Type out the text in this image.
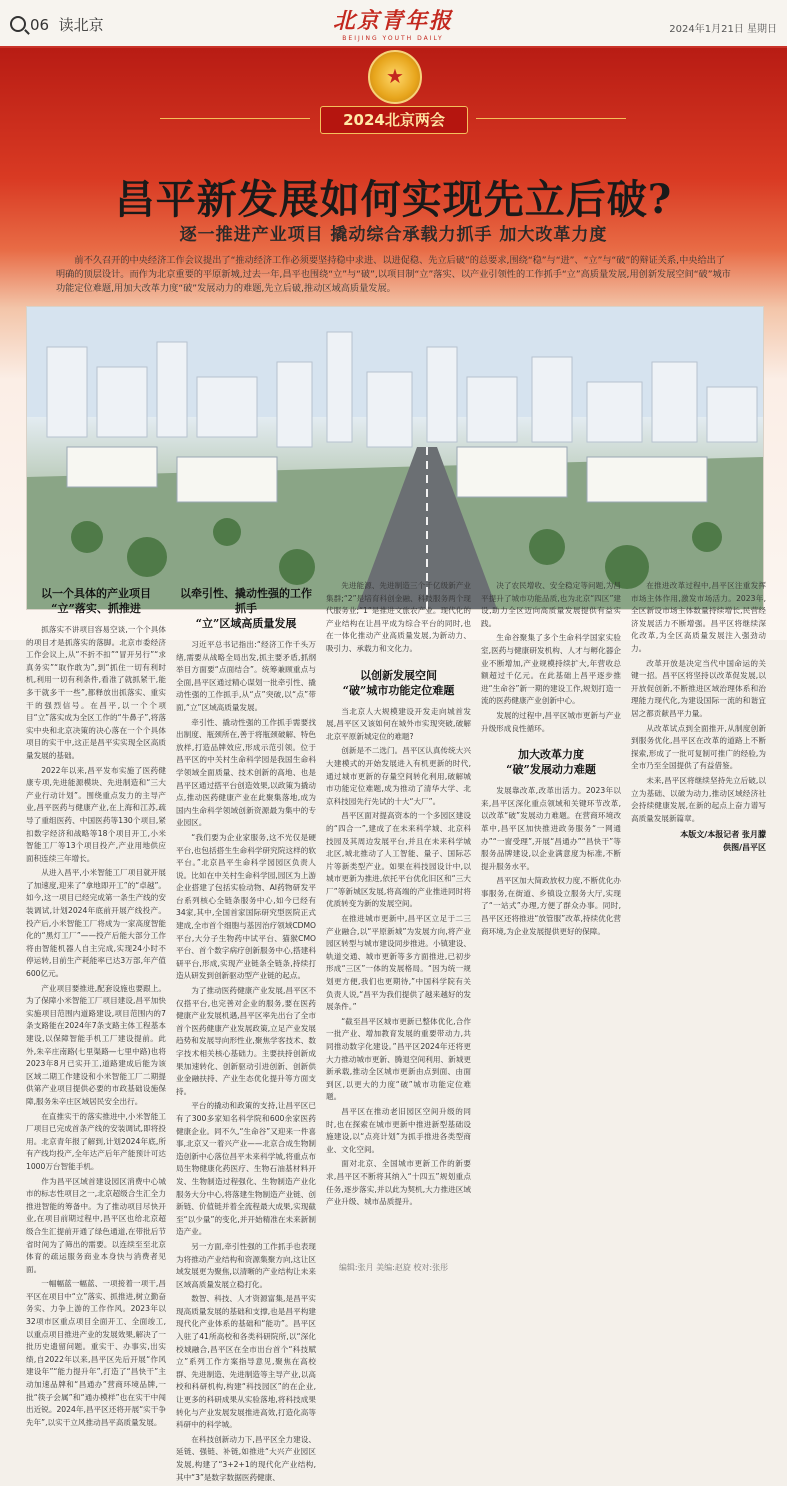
06 读北京	北京青年报
BEIJING YOUTH DAILY
2024年1月21日 星期日
★
2024北京两会
昌平新发展如何实现先立后破?
逐一推进产业项目 撬动综合承载力抓手 加大改革力度
前不久召开的中央经济工作会议提出了“推动经济工作必须要坚持稳中求进、以进促稳、先立后破”的总要求,围绕“稳”与“进”、“立”与“破”的辩证关系,中央给出了明确的顶层设计。而作为北京重要的平原新城,过去一年,昌平也围绕“立”与“破”,以项目制“立”落实、以产业引领性的工作抓手“立”高质量发展,用创新发展空间“破”城市功能定位难题,用加大改革力度“破”发展动力的难题,先立后破,推动区域高质量发展。
以一个具体的产业项目
“立”落实、抓推进

抓落实不讲项目容易空谈,一个个具体的项目才是抓落实的落脚。北京市委经济工作会议上,从“不折不扣”“冒开另行”“求真务实”“取作敢为”,到“抓住一切有利时机,利用一切有利条件,看准了就抓紧干,能多干就多干一些”,都释放出抓落实、重实干的强烈信号。在昌平,以一个个项目“立”落实成为全区工作的“牛鼻子”,将落实中央和北京决策的决心落在一个个具体项目的实干中,这正是昌平实实现全区高质量发展的基础。

2022年以来,昌平发布实施了医药健康专项,先进能源模块、先进制造和“三大产业行动计划”。围绕重点发力的主导产业,昌平医药与健康产业,在上海和江苏,疏导了重组医药、中国医药等130个项目,紧扣数字经济和战略等18个项目开工,小米智能工厂等13个项目投产,产业用地供应面积连续三年增长。

从进入昌平,小米智能工厂项目就开展了加速度,迎来了“拿地即开工”的“卓越”。如今,这一项目已经完成第一条生产线的安装调试,计划2024年底前开展产线投产。投产后,小米智能工厂将成为一家高度智能化的“黑灯工厂”——投产后能大部分工作将由智能机器人自主完成,实现24小时不停运转,目前生产耗能率已达3万部,年产值600亿元。

产业项目要推进,配套设施也要跟上。为了保障小米智能工厂项目建设,昌平加快实施项目范围内道路建设,项目范围内的7条支路能在2024年7条支路主体工程基本建设,以保障智能手机工厂建设提前。此外,朱辛庄南路(七里渠路—七里中路)也将2023年8月已实开工,道路建成后能为该区域二期工作建设和小米智能工厂二期提供第产业项目提供必要的市政基础设施保障,服务朱辛庄区域居民安全出行。

在直推实干的落实推进中,小米智能工厂项目已完成首条产线的安装调试,即将投用。北京青年报了解到,计划2024年底,所有产线均投产,全年达产后年产能预计可达1000万台智能手机。

作为昌平区域首建设园区消费中心城市的标志性项目之一,北京超级合生汇全力推进智能的筹备中。为了推动项目尽快开业,在项目前期过程中,昌平区也给北京超级合生汇提前开通了绿色通道,在带批后节省时间为了筛出的需要。以连续至至北京体育的疏运服务商业本身快与消费者见面。

一幅幅蓝一幅蓝、一项接着一项干,昌平区在项目中“立”落实、抓推进,树立勤奋务实、力争上游的工作作风。2023年以32项市区重点项目全面开工、全面竣工,以重点项目推进产业的发展效果,解决了一批历史遗留问题。重实干、办事实,出实绩,自2022年以来,昌平区先后开展“作风建设年”“能力提升年”,打造了“昌快干”主动加速品牌和“昌通办”营商环境品牌,一批“筷子会属”和“通办模样”也在实干中闯出近锐。2024年,昌平区还将开展“实干争先年”,以实干立风推动昌平高质量发展。

以牵引性、撬动性强的工作抓手
“立”区域高质量发展

习近平总书记指出:“经济工作千头万绪,需要从战略全局出发,抓主要矛盾,抓纲举目方面要“点面结合”。统筹兼顾重点与全面,昌平区通过精心谋划一批牵引性、撬动性强的工作抓手,从“点”突破,以“点”带面,“立”区域高质量发展。

牵引性、撬动性强的工作抓手需要找出制度、瓶颈所在,善于将瓶颈破解、特色放样,打造品牌效应,形成示范引领。位于昌平区的中关村生命科学园是我国生命科学领域全面质量、技术创新的高地、也是昌平区通过搭平台创造效果,以政策为撬动点,推动医药健康产业在此聚集落地,成为国内生命科学领域创新资源最为集中的专业园区。

“我们要为企业家服务,这不光仅是硬平台,也包括搭生生命科学研究院这样的软平台。”北京昌平生命科学园园区负责人说。比如在中关村生命科学园,园区为上游企业搭建了包括实验动物、AI药物研发平台系列核心全链条服务中心,如今已经有34家,其中,全国首家国际研究型医院正式建成,全市首个细胞与基因治疗领域CDMO平台,大分子生物药中试平台、猫猴CMO平台、首个数字病疗创新服务中心,搭建科研平台,形成,实现产业链条全链条,持续打造从研发到创新驱动型产业链的起点。

为了推动医药健康产业发展,昌平区不仅搭平台,也完善对企业的服务,要在医药健康产业发展机遇,昌平区率先出台了全市首个医药健康产业发展政策,立足产业发展趋势和发展导向形性业,聚焦学客技术、数字技术相关核心基础力。主要扶持创新成果加速转化、创新驱动引进创新、创新供业金融扶持、产业生态优化提升等方面支持。

平台的撬动和政策的支持,让昌平区已有了300多家知名科学院和600余家医药健康企业。同不久,“生命谷”又迎来一件喜事,北京又一着兴产业——北京合成生物制造创新中心落位昌平未来科学城,将重点布局生物健康化药医疗、生物石油基材料开发、生物制造过程强化、生物制造产业化服务大分中心,将落建生物制造产业链、创新链、价值链并着全流程最大成果,实现截至“以少量”的变化,并开始精准在未来新制造产业。

另一方面,牵引性强的工作抓手也表现为将推动产业结构和资源集聚方向,这让区域发展更为聚焦,以清晰的产业结构让未来区域高质量发展立稳打化。

数智、科技、人才资源富集,是昌平实现高质量发展的基础和支撑,也是昌平构建现代化产业体系的基础和“能功”。昌平区入驻了41所高校和各类科研院所,以“深化校城融合,昌平区在全市出台首个“科技赋立”系列工作方案指导意见,聚焦在高校群、先进制造、先进制造等主导产业,以高校和科研机构,构建“科技园区”的在企业,让更多的科研成果从实验落地,将科技成果转化与产业发展发展推进高效,打造化高等科研中的科学城。

在科技创新动力下,昌平区全力建设、延链、强链、补链,如推进“大兴产业园区发展,构建了“3+2+1的现代化产业结构,其中“3”是数字数据医药健康、

先进能源、先进制造三个千亿级新产业集群;“2”是培育科创金融、科技服务两个现代服务业;“1”是推进文旅农产业。现代化的产业结构在让昌平成为综合平台的同时,也在一体化推动产业高质量发展,为新动力、吸引力、承载力和文化力。

以创新发展空间
“破”城市功能定位难题

当北京人大规模建设开发走向城首发展,昌平区又该如何在城外市实现突破,破解北京平原新城定位的难题?

创新是不二选门。昌平区认真传统大兴大建模式的开始发展进入有机更新的时代,通过城市更新的存量空间转化利用,破解城市功能定位难题,成为推动了清华大学、北京科技园先行先试的十大“大厂”。

昌平区面对提高资本的一个多园区建设的“四合一”,建成了在未来科学城、北京科技园及其周边发展平台,并且在未来科学城北区,城北推动了人工智能、量子、国际芯片等新类型产业。如果在科技园设计中,以城市更新为推进,依托平台优化旧区和“三大厂”等新城区发展,将高端的产业推进同时将优质转变为新的发展空间。

在推进城市更新中,昌平区立足于二三产业融合,以“平原新城”为发展方向,将产业园区转型与城市建设同步推进。小镇建设、轨道交通、城市更新等多方面推进,已初步形成“三区”一体的发展格局。“因为统一规划更方便,我们也更期待,”中国科学院有关负责人说,“昌平为我们提供了越来越好的发展条件。”

“截至昌平区城市更新已整体优化,合作一批产业、增加教育发展的重要带动力,共同推动数字化建设。”昌平区2024年还将更大力推动城市更新、腾退空间利用、新城更新承载,推动全区城市更新由点到面、由面到区,以更大的力度“破”城市功能定位难题。

昌平区在推动老旧园区空间升级的同时,也在探索在城市更新中推进新型基础设施建设,以“点亮计划”为抓手推进各类型商业、文化空间。

面对北京、全国城市更新工作的新要求,昌平区不断将其纳入“十四五”规划重点任务,逐步落实,并以此为契机,大力推进区域产业升级、城市品质提升。

决了农民增收、安全稳定等问题,为昌平提升了城市功能品质,也为北京“四区”建设,助力全区迈向高质量发展提供有益实践。

生命谷聚集了多个生命科学国家实验室,医药与健康研发机构、人才与孵化器企业不断增加,产业规模持续扩大,年营收总额超过千亿元。在此基础上昌平逐步推进“生命谷”新一期的建设工作,规划打造一流的医药健康产业创新中心。

发展的过程中,昌平区城市更新与产业升级形成良性循环。

加大改革力度
“破”发展动力难题

发展靠改革,改革出活力。2023年以来,昌平区深化重点领域和关键环节改革,以改革“破”发展动力难题。在营商环境改革中,昌平区加快推进政务服务“一网通办”“一窗受理”,开展“昌通办”“昌快干”等服务品牌建设,以企业满意度为标准,不断提升服务水平。

昌平区加大简政放权力度,不断优化办事服务,在街道、乡镇设立服务大厅,实现了“一站式”办理,方便了群众办事。同时,昌平区还将推进“放管服”改革,持续优化营商环境,为企业发展提供更好的保障。

在推进改革过程中,昌平区注重发挥市场主体作用,激发市场活力。2023年,全区新设市场主体数量持续增长,民营经济发展活力不断增强。昌平区将继续深化改革,为全区高质量发展注入强劲动力。

改革开放是决定当代中国命运的关键一招。昌平区将坚持以改革促发展,以开放促创新,不断推进区域治理体系和治理能力现代化,为建设国际一流的和谐宜居之都贡献昌平力量。

从改革试点到全面推开,从制度创新到服务优化,昌平区在改革的道路上不断探索,形成了一批可复制可推广的经验,为全市乃至全国提供了有益借鉴。

未来,昌平区将继续坚持先立后破,以立为基础、以破为动力,推动区域经济社会持续健康发展,在新的起点上奋力谱写高质量发展新篇章。

本版文/本报记者 张月朦
供图/昌平区
编辑:张月 美编:赵旋 校对:张彤
